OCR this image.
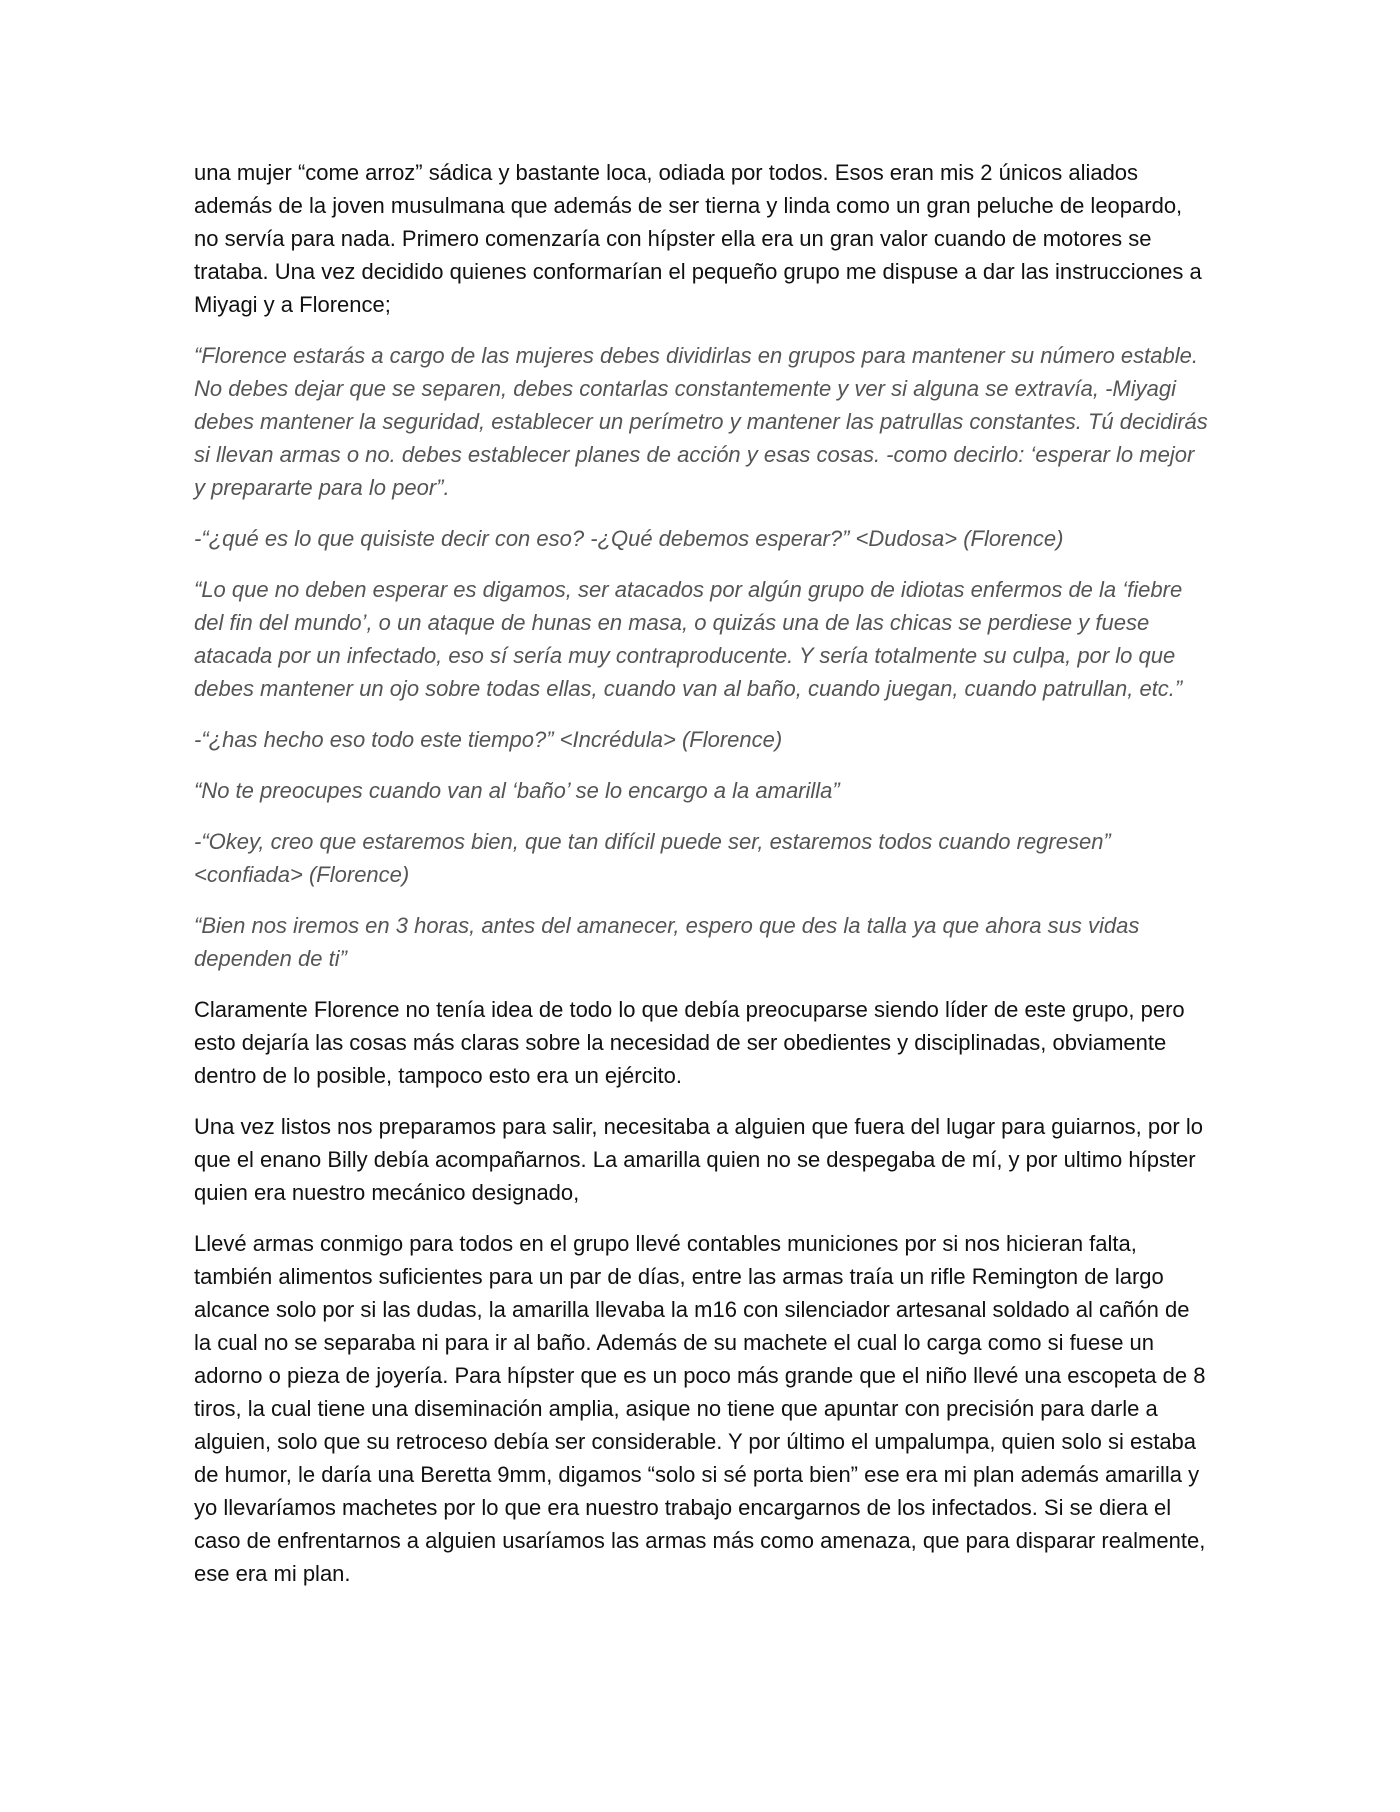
una mujer “come arroz” sádica y bastante loca, odiada por todos. Esos eran mis 2 únicos aliados además de la joven musulmana que además de ser tierna y linda como un gran peluche de leopardo, no servía para nada. Primero comenzaría con hípster ella era un gran valor cuando de motores se trataba. Una vez decidido quienes conformarían el pequeño grupo me dispuse a dar las instrucciones a Miyagi y a Florence;

“Florence estarás a cargo de las mujeres debes dividirlas en grupos para mantener su número estable. No debes dejar que se separen, debes contarlas constantemente y ver si alguna se extravía, -Miyagi debes mantener la seguridad, establecer un perímetro y mantener las patrullas constantes. Tú decidirás si llevan armas o no. debes establecer planes de acción y esas cosas. -como decirlo: ‘esperar lo mejor y prepararte para lo peor”.

-“¿qué es lo que quisiste decir con eso? -¿Qué debemos esperar?” <Dudosa> (Florence)

“Lo que no deben esperar es digamos, ser atacados por algún grupo de idiotas enfermos de la ‘fiebre del fin del mundo’, o un ataque de hunas en masa, o quizás una de las chicas se perdiese y fuese atacada por un infectado, eso sí sería muy contraproducente. Y sería totalmente su culpa, por lo que debes mantener un ojo sobre todas ellas, cuando van al baño, cuando juegan, cuando patrullan, etc.”

-“¿has hecho eso todo este tiempo?” <Incrédula> (Florence)

“No te preocupes cuando van al ‘baño’ se lo encargo a la amarilla”

-“Okey, creo que estaremos bien, que tan difícil puede ser, estaremos todos cuando regresen” <confiada> (Florence)

“Bien nos iremos en 3 horas, antes del amanecer, espero que des la talla ya que ahora sus vidas dependen de ti”

Claramente Florence no tenía idea de todo lo que debía preocuparse siendo líder de este grupo, pero esto dejaría las cosas más claras sobre la necesidad de ser obedientes y disciplinadas, obviamente dentro de lo posible, tampoco esto era un ejército.

Una vez listos nos preparamos para salir, necesitaba a alguien que fuera del lugar para guiarnos, por lo que el enano Billy debía acompañarnos. La amarilla quien no se despegaba de mí, y por ultimo hípster quien era nuestro mecánico designado,

Llevé armas conmigo para todos en el grupo llevé contables municiones por si nos hicieran falta, también alimentos suficientes para un par de días, entre las armas traía un rifle Remington de largo alcance solo por si las dudas, la amarilla llevaba la m16 con silenciador artesanal soldado al cañón de la cual no se separaba ni para ir al baño. Además de su machete el cual lo carga como si fuese un adorno o pieza de joyería. Para hípster que es un poco más grande que el niño llevé una escopeta de 8 tiros, la cual tiene una diseminación amplia, asique no tiene que apuntar con precisión para darle a alguien, solo que su retroceso debía ser considerable. Y por último el umpalumpa, quien solo si estaba de humor, le daría una Beretta 9mm, digamos “solo si sé porta bien” ese era mi plan además amarilla y yo llevaríamos machetes por lo que era nuestro trabajo encargarnos de los infectados. Si se diera el caso de enfrentarnos a alguien usaríamos las armas más como amenaza, que para disparar realmente, ese era mi plan.
